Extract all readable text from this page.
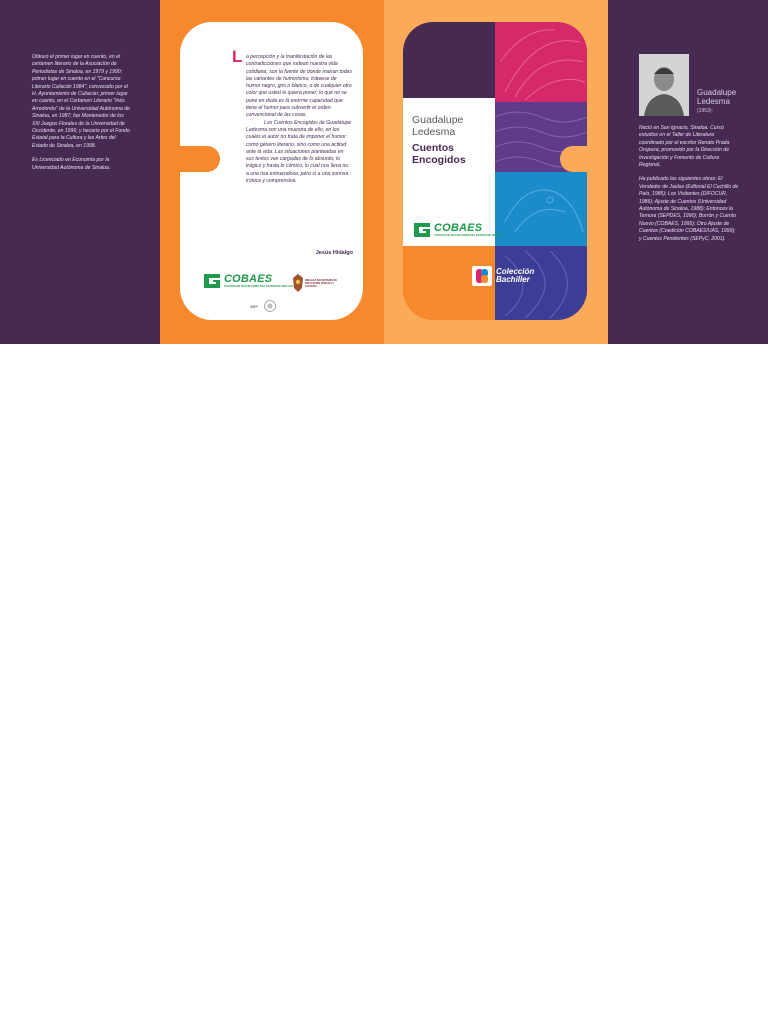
Obtuvo el primer lugar en cuento, en el certamen literario de la Asociación de Periodistas de Sinaloa, en 1979 y 1990; primer lugar en cuento en el "Concurso Literario Culiacán 1984", convocado por el H. Ayuntamiento de Culiacán; primer lugar en cuento, en el Certamen Literario "Inés Arredondo" de la Universidad Autónoma de Sinaloa, en 1987; fue Montenedor de los XIII Juegos Florales de la Universidad de Occidente, en 1996; y becario por el Fondo Estatal para la Cultura y las Artes del Estado de Sinaloa, en 1998.

Es Licenciado en Economía por la Universidad Autónoma de Sinaloa.

L a percepción y la manifestación de las contradicciones que rodean nuestra vida cotidiana, son la fuente de donde manan todas las variantes de humorismo, tráteese de humor negro, gris o blanco, o de cualquier otro color que usted le quiera poner; lo que no se pone en duda es la enorme capacidad que tiene el humor para subvertir el orden convencional de las cosas.

Los Cuentos Encogidos de Guadalupe Ledesma son una muestra de ello, en los cuales el autor no trata de imponer el humor como género literario, sino como una actitud ante la vida. Las situaciones planteadas en sus textos van cargadas de lo absurdo, lo trágico y hasta lo cómico, lo cual nos lleva no a una risa estruendosa, pero sí a una sonrisa irónica y comprensiva.

Jesús Hidalgo
COBAES
COLEGIO DE BACHILLERES DEL ESTADO DE SINALOA
SINALOA SECRETARÍA DE EDUCACIÓN PÚBLICA Y CULTURA
SEP
Guadalupe Ledesma
Cuentos Encogidos
COBAES
COLEGIO DE BACHILLERES DEL ESTADO DE SINALOA
Colección
Bachiller
Guadalupe Ledesma
(1953)-

Nació en San Ignacio, Sinaloa. Cursó estudios en el Taller de Literatura coordinado por el escritor Renato Prada Oropeza, promovido por la Dirección de Investigación y Fomento de Cultura Regional.

Ha publicado las siguientes obras: El Vendedor de Jaulas (Editorial El Cuchillo de Palo, 1985); Los Visitantes (DIFOCUR, 1986); Ajuste de Cuentos (Universidad Autónoma de Sinaloa, 1988); Entonces la Ternura (SEPDES, 1990); Borrón y Cuento Nuevo (COBAES, 1995); Otro Ajuste de Cuentos (Coedición COBAES/UAS, 1999); y Cuentos Pendientes (SEPyC, 2001).
